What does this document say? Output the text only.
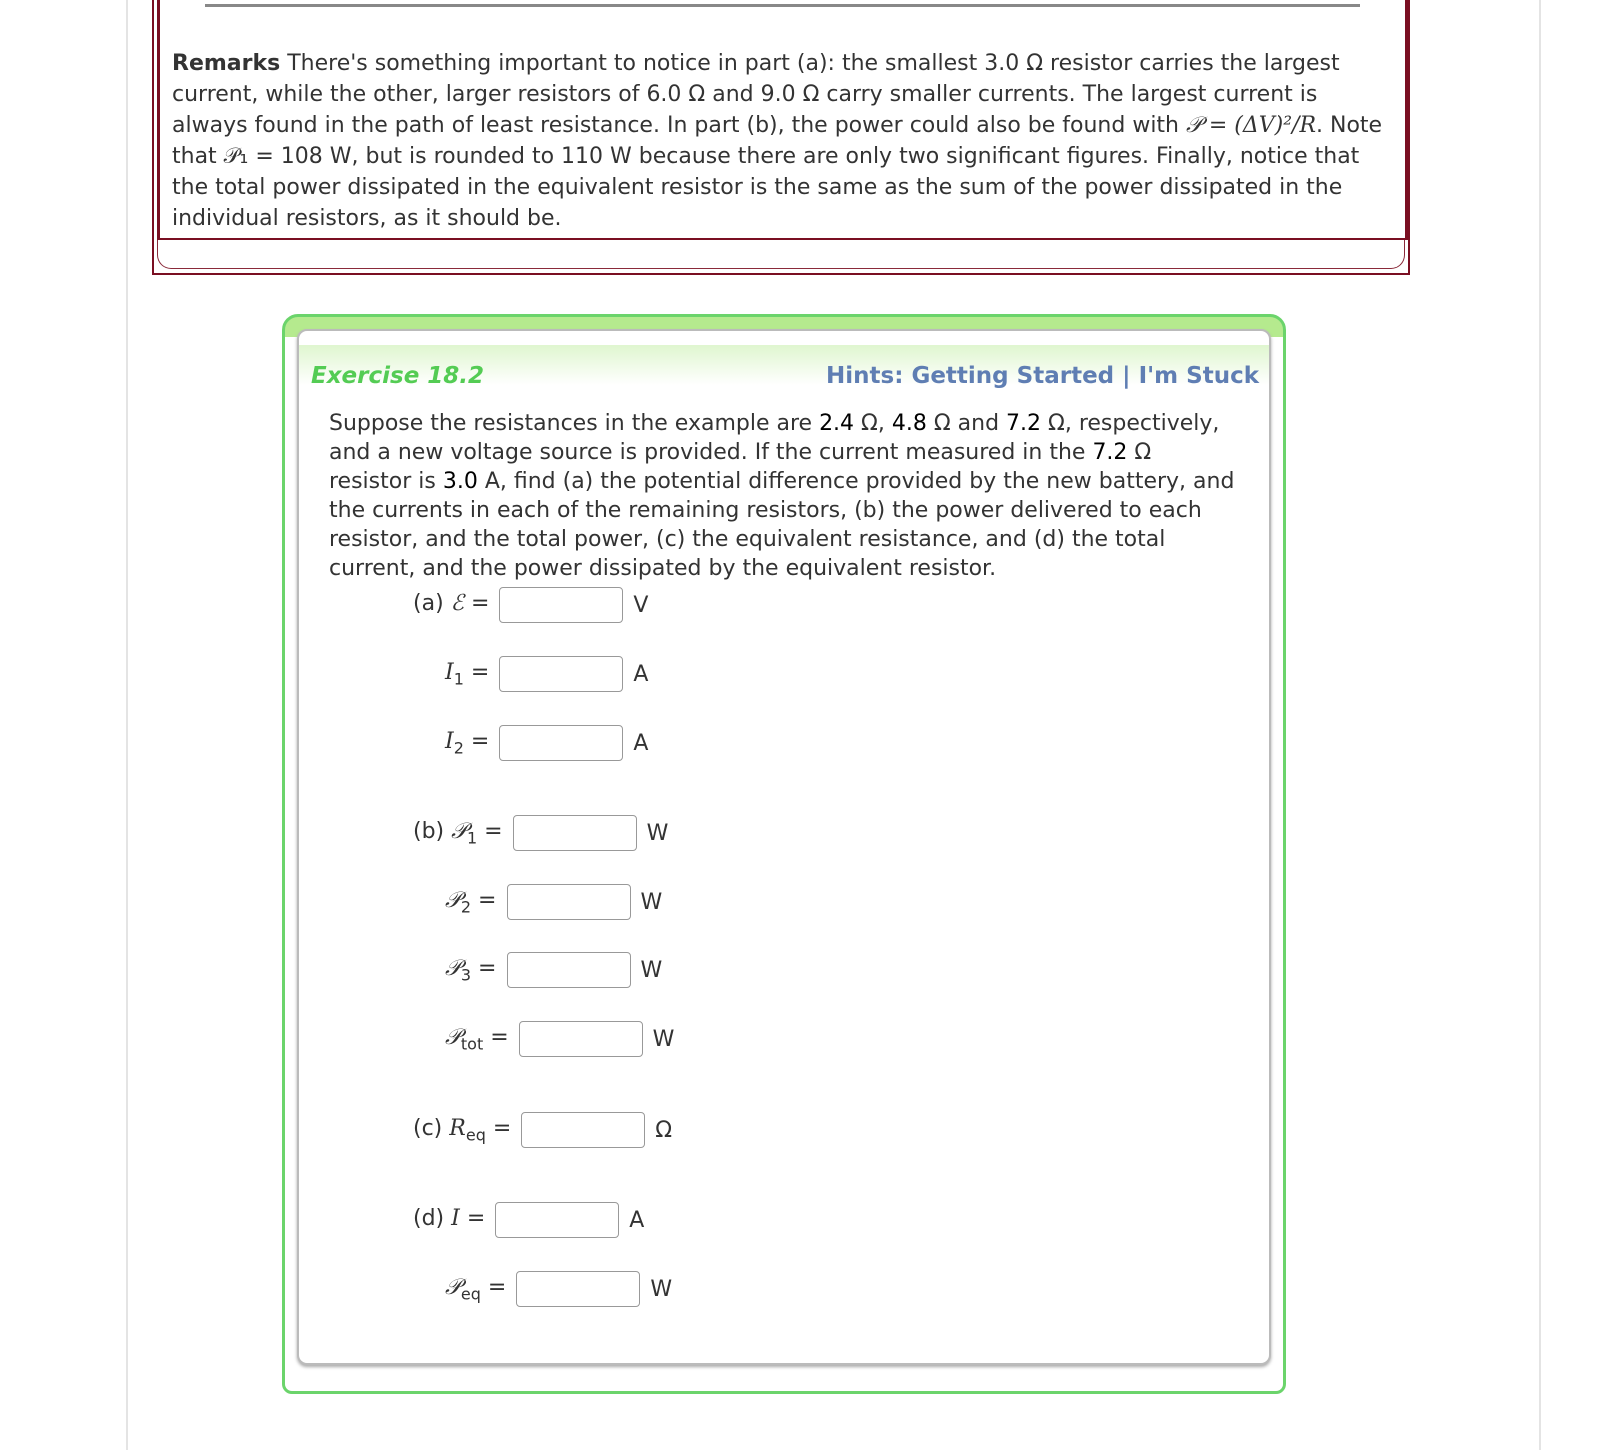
Remarks There's something important to notice in part (a): the smallest 3.0 Ω resistor carries the largest current, while the other, larger resistors of 6.0 Ω and 9.0 Ω carry smaller currents. The largest current is always found in the path of least resistance. In part (b), the power could also be found with 𝒫 = (ΔV)²/R. Note that 𝒫₁ = 108 W, but is rounded to 110 W because there are only two significant figures. Finally, notice that the total power dissipated in the equivalent resistor is the same as the sum of the power dissipated in the individual resistors, as it should be.
Exercise 18.2	Hints: Getting Started | I'm Stuck
Suppose the resistances in the example are 2.4 Ω, 4.8 Ω and 7.2 Ω, respectively, and a new voltage source is provided. If the current measured in the 7.2 Ω resistor is 3.0 A, find (a) the potential difference provided by the new battery, and the currents in each of the remaining resistors, (b) the power delivered to each resistor, and the total power, (c) the equivalent resistance, and (d) the total current, and the power dissipated by the equivalent resistor.
(a) ℰ =	V
$I_1$ =	A
$I_2$ =	A
(b) 𝒫$_1$ =	W
𝒫$_2$ =	W
𝒫$_3$ =	W
𝒫$_{tot}$ =	W
(c) $R_{eq}$ =	Ω
(d) I =	A
𝒫$_{eq}$ =	W
